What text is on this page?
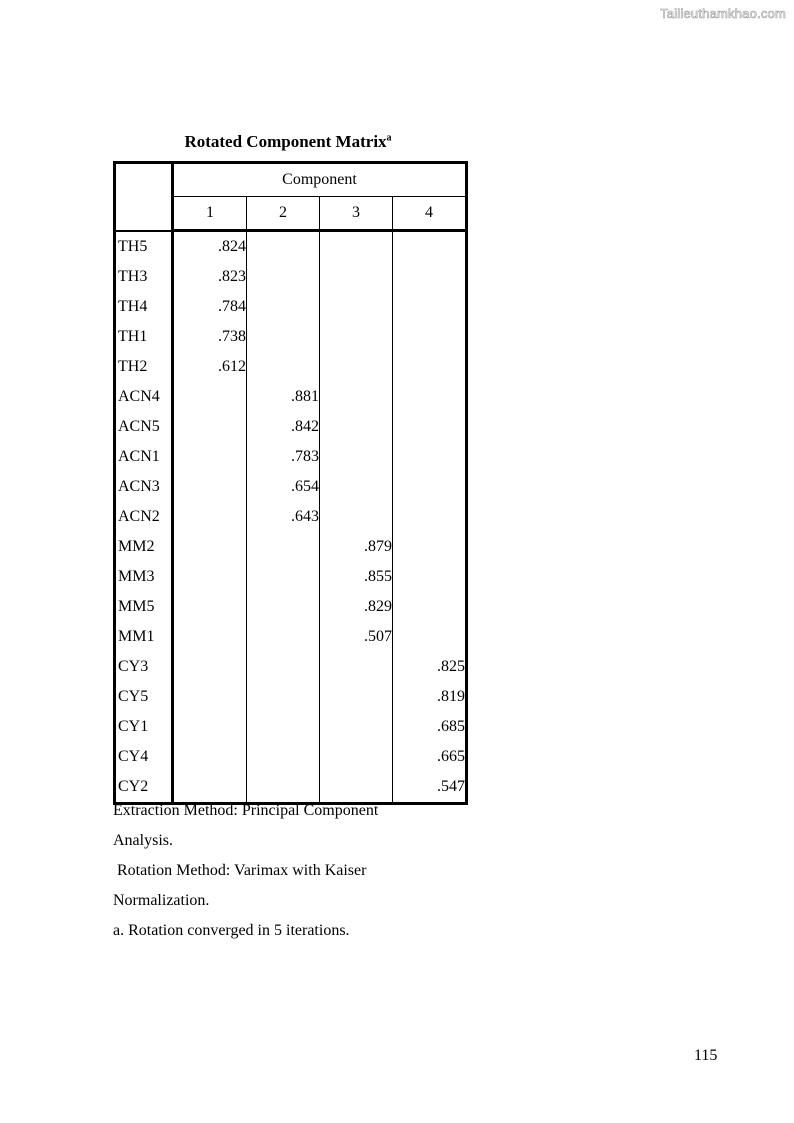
Tailieuthamkhao.com
Rotated Component Matrix$^a$
	Component			
	1	2	3	4
TH5	.824			
TH3	.823			
TH4	.784			
TH1	.738			
TH2	.612			
ACN4		.881		
ACN5		.842		
ACN1		.783		
ACN3		.654		
ACN2		.643		
MM2			.879	
MM3			.855	
MM5			.829	
MM1			.507	
CY3				.825
CY5				.819
CY1				.685
CY4				.665
CY2				.547
Extraction Method: Principal Component
Analysis.
Rotation Method: Varimax with Kaiser
Normalization.
a. Rotation converged in 5 iterations.
115
